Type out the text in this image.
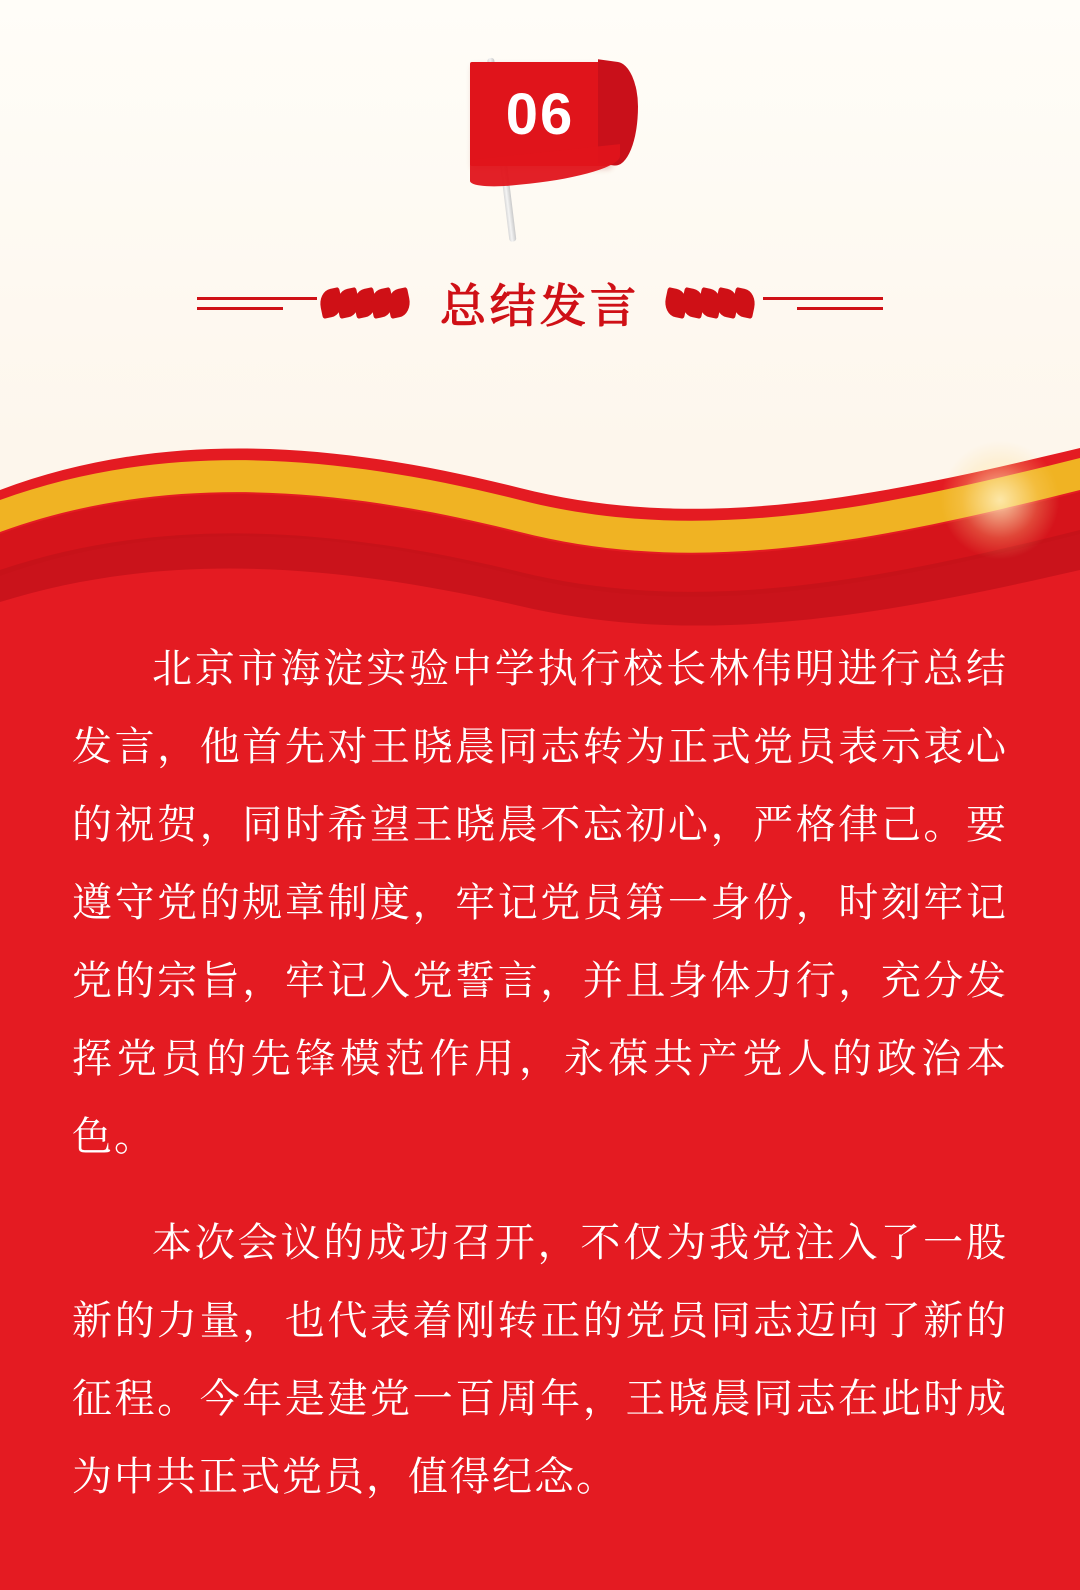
06
总结发言

北京市海淀实验中学执行校长林伟明进行总结发言，他首先对王晓晨同志转为正式党员表示衷心的祝贺，同时希望王晓晨不忘初心，严格律己。要遵守党的规章制度，牢记党员第一身份，时刻牢记党的宗旨，牢记入党誓言，并且身体力行，充分发挥党员的先锋模范作用，永葆共产党人的政治本色。

本次会议的成功召开，不仅为我党注入了一股新的力量，也代表着刚转正的党员同志迈向了新的征程。今年是建党一百周年，王晓晨同志在此时成为中共正式党员，值得纪念。
